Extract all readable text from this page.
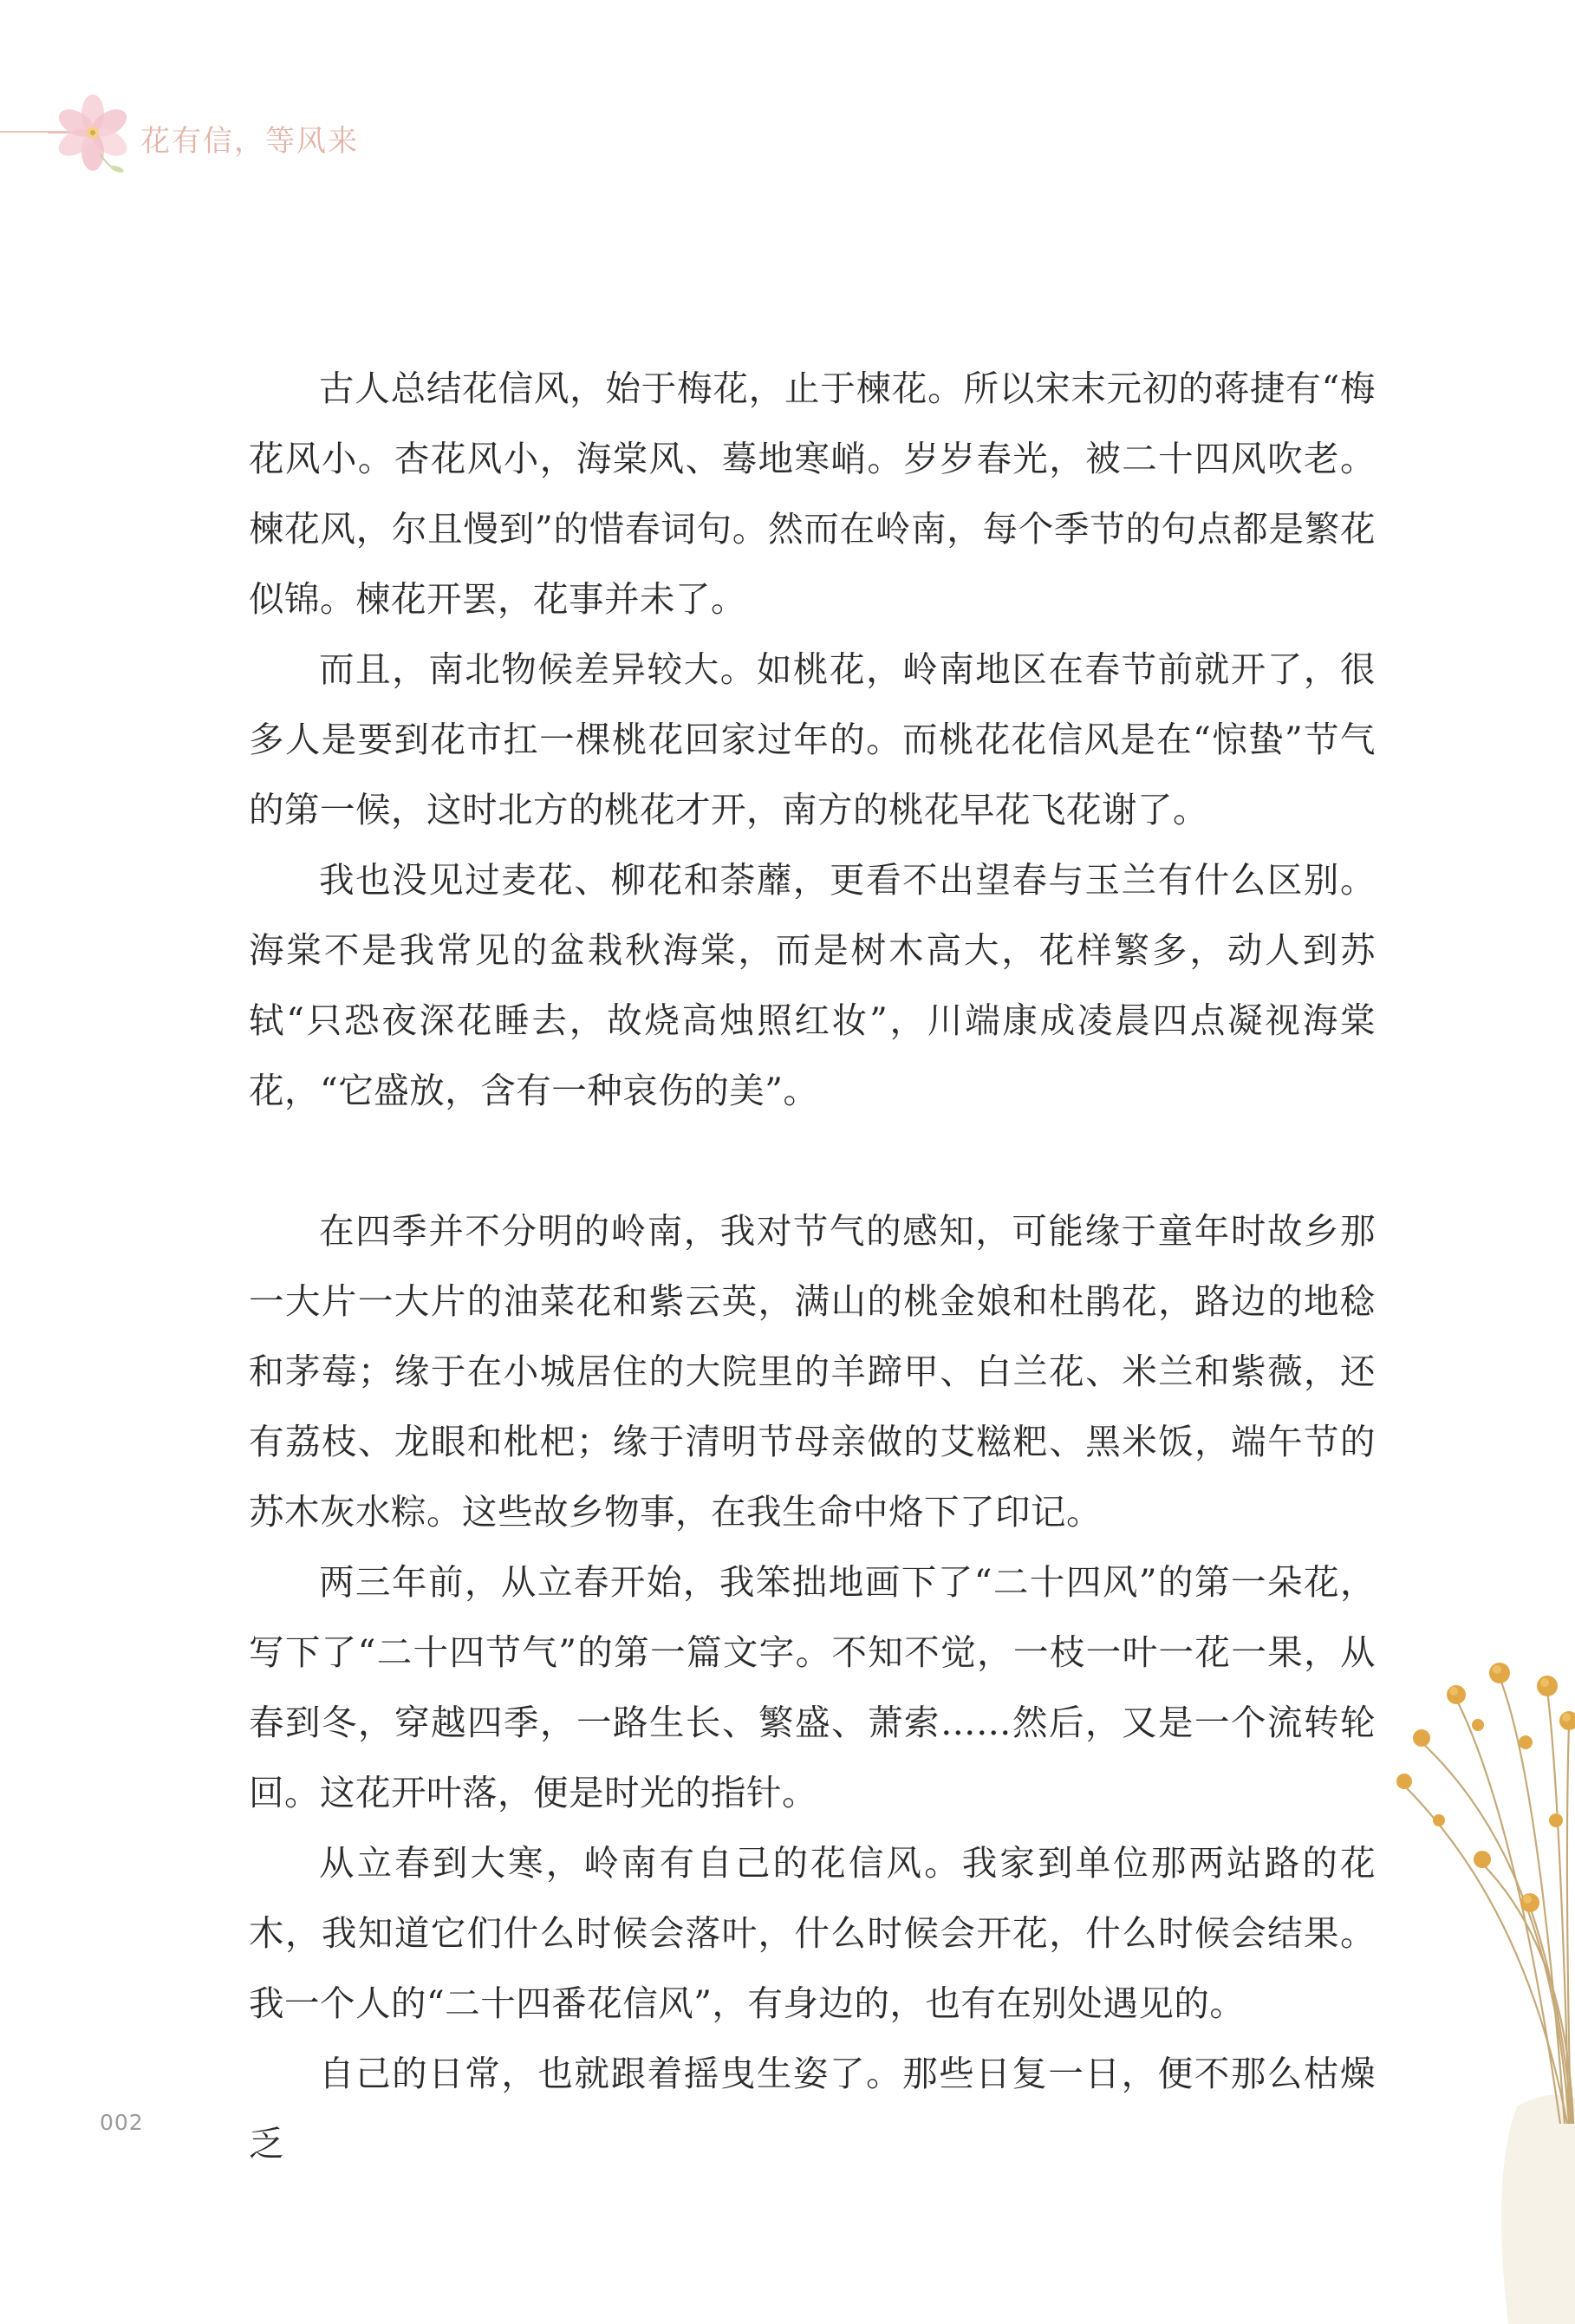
花有信，等风来

古人总结花信风，始于梅花，止于楝花。所以宋末元初的蒋捷有“梅花风小。杏花风小，海棠风、蓦地寒峭。岁岁春光，被二十四风吹老。楝花风，尔且慢到”的惜春词句。然而在岭南，每个季节的句点都是繁花似锦。楝花开罢，花事并未了。

而且，南北物候差异较大。如桃花，岭南地区在春节前就开了，很多人是要到花市扛一棵桃花回家过年的。而桃花花信风是在“惊蛰”节气的第一候，这时北方的桃花才开，南方的桃花早花飞花谢了。

我也没见过麦花、柳花和荼蘼，更看不出望春与玉兰有什么区别。海棠不是我常见的盆栽秋海棠，而是树木高大，花样繁多，动人到苏轼“只恐夜深花睡去，故烧高烛照红妆”，川端康成凌晨四点凝视海棠花，“它盛放，含有一种哀伤的美”。

在四季并不分明的岭南，我对节气的感知，可能缘于童年时故乡那一大片一大片的油菜花和紫云英，满山的桃金娘和杜鹃花，路边的地稔和茅莓；缘于在小城居住的大院里的羊蹄甲、白兰花、米兰和紫薇，还有荔枝、龙眼和枇杷；缘于清明节母亲做的艾糍粑、黑米饭，端午节的苏木灰水粽。这些故乡物事，在我生命中烙下了印记。

两三年前，从立春开始，我笨拙地画下了“二十四风”的第一朵花，写下了“二十四节气”的第一篇文字。不知不觉，一枝一叶一花一果，从春到冬，穿越四季，一路生长、繁盛、萧索……然后，又是一个流转轮回。这花开叶落，便是时光的指针。

从立春到大寒，岭南有自己的花信风。我家到单位那两站路的花木，我知道它们什么时候会落叶，什么时候会开花，什么时候会结果。我一个人的“二十四番花信风”，有身边的，也有在别处遇见的。

自己的日常，也就跟着摇曳生姿了。那些日复一日，便不那么枯燥乏

002
